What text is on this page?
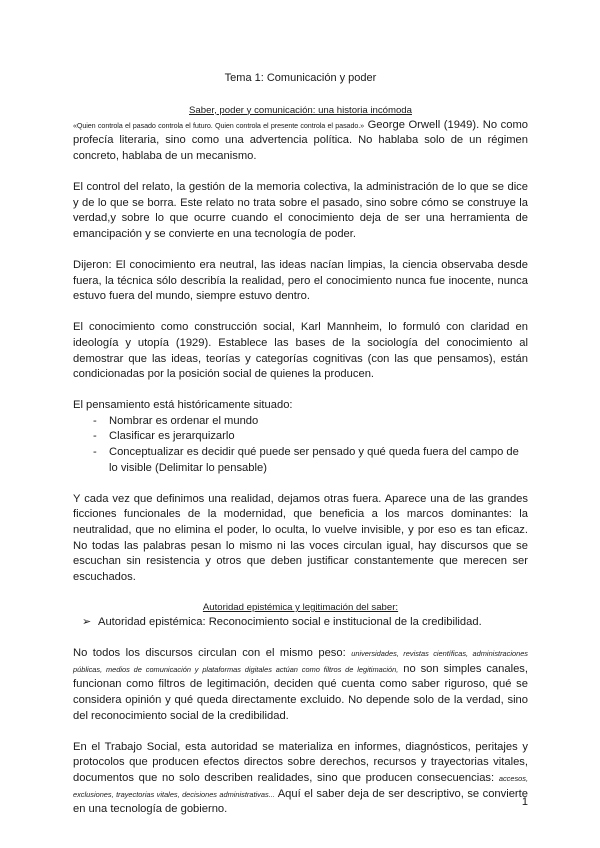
Tema 1: Comunicación y poder
Saber, poder y comunicación: una historia incómoda

«Quien controla el pasado controla el futuro. Quien controla el presente controla el pasado.» George Orwell (1949). No como profecía literaria, sino como una advertencia política. No hablaba solo de un régimen concreto, hablaba de un mecanismo.

El control del relato, la gestión de la memoria colectiva, la administración de lo que se dice y de lo que se borra. Este relato no trata sobre el pasado, sino sobre cómo se construye la verdad,y sobre lo que ocurre cuando el conocimiento deja de ser una herramienta de emancipación y se convierte en una tecnología de poder.

Dijeron: El conocimiento era neutral, las ideas nacían limpias, la ciencia observaba desde fuera, la técnica sólo describía la realidad, pero el conocimiento nunca fue inocente, nunca estuvo fuera del mundo, siempre estuvo dentro.

El conocimiento como construcción social, Karl Mannheim, lo formuló con claridad en ideología y utopía (1929). Establece las bases de la sociología del conocimiento al demostrar que las ideas, teorías y categorías cognitivas (con las que pensamos), están condicionadas por la posición social de quienes la producen.

El pensamiento está históricamente situado:
- Nombrar es ordenar el mundo
- Clasificar es jerarquizarlo
- Conceptualizar es decidir qué puede ser pensado y qué queda fuera del campo de lo visible (Delimitar lo pensable)

Y cada vez que definimos una realidad, dejamos otras fuera. Aparece una de las grandes ficciones funcionales de la modernidad, que beneficia a los marcos dominantes: la neutralidad, que no elimina el poder, lo oculta, lo vuelve invisible, y por eso es tan eficaz. No todas las palabras pesan lo mismo ni las voces circulan igual, hay discursos que se escuchan sin resistencia y otros que deben justificar constantemente que merecen ser escuchados.

Autoridad epistémica y legitimación del saber:
➢ Autoridad epistémica: Reconocimiento social e institucional de la credibilidad.

No todos los discursos circulan con el mismo peso: universidades, revistas científicas, administraciones públicas, medios de comunicación y plataformas digitales actúan como filtros de legitimación, no son simples canales, funcionan como filtros de legitimación, deciden qué cuenta como saber riguroso, qué se considera opinión y qué queda directamente excluido. No depende solo de la verdad, sino del reconocimiento social de la credibilidad.

En el Trabajo Social, esta autoridad se materializa en informes, diagnósticos, peritajes y protocolos que producen efectos directos sobre derechos, recursos y trayectorias vitales, documentos que no solo describen realidades, sino que producen consecuencias: accesos, exclusiones, trayectorias vitales, decisiones administrativas... Aquí el saber deja de ser descriptivo, se convierte en una tecnología de gobierno.

1
